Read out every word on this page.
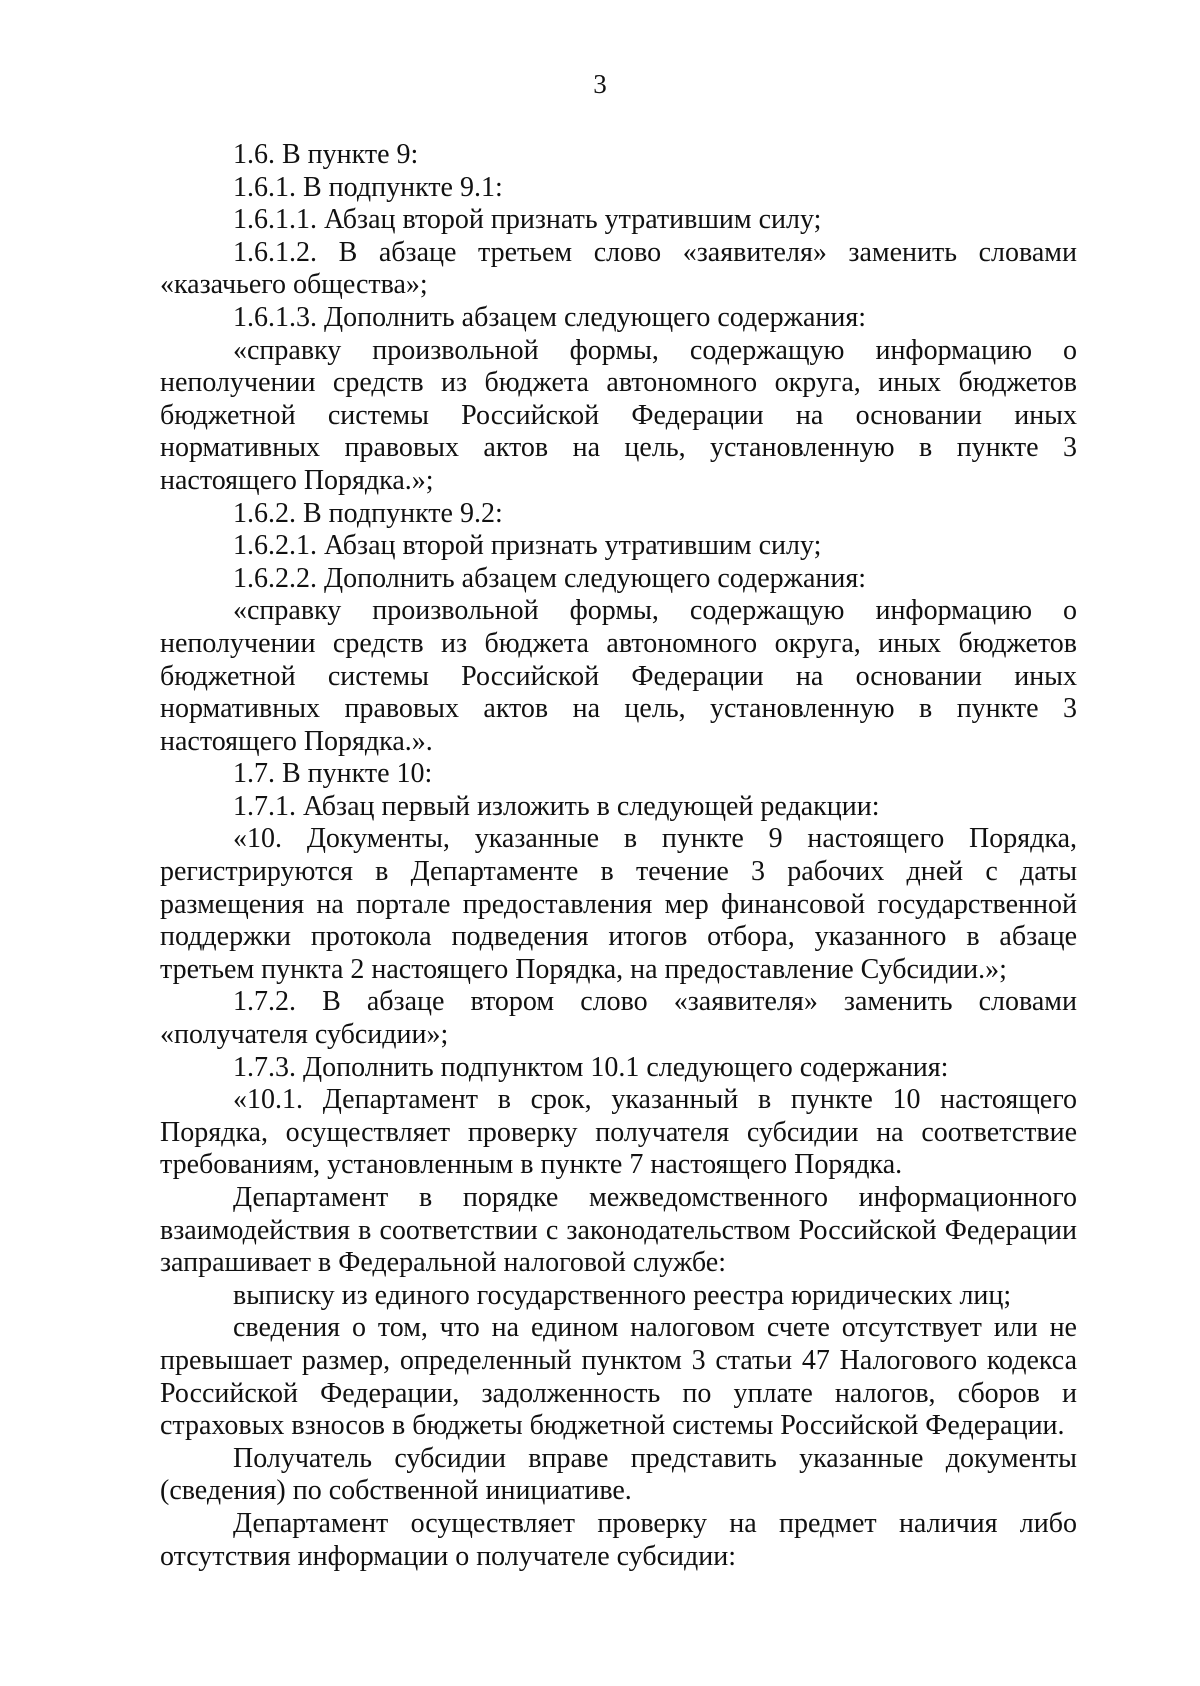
3

1.6. В пункте 9:

1.6.1. В подпункте 9.1:

1.6.1.1. Абзац второй признать утратившим силу;

1.6.1.2. В абзаце третьем слово «заявителя» заменить словами «казачьего общества»;

1.6.1.3. Дополнить абзацем следующего содержания:

«справку произвольной формы, содержащую информацию о неполучении средств из бюджета автономного округа, иных бюджетов бюджетной системы Российской Федерации на основании иных нормативных правовых актов на цель, установленную в пункте 3 настоящего Порядка.»;

1.6.2. В подпункте 9.2:

1.6.2.1. Абзац второй признать утратившим силу;

1.6.2.2. Дополнить абзацем следующего содержания:

«справку произвольной формы, содержащую информацию о неполучении средств из бюджета автономного округа, иных бюджетов бюджетной системы Российской Федерации на основании иных нормативных правовых актов на цель, установленную в пункте 3 настоящего Порядка.».

1.7. В пункте 10:

1.7.1. Абзац первый изложить в следующей редакции:

«10. Документы, указанные в пункте 9 настоящего Порядка, регистрируются в Департаменте в течение 3 рабочих дней с даты размещения на портале предоставления мер финансовой государственной поддержки протокола подведения итогов отбора, указанного в абзаце третьем пункта 2 настоящего Порядка, на предоставление Субсидии.»;

1.7.2. В абзаце втором слово «заявителя» заменить словами «получателя субсидии»;

1.7.3. Дополнить подпунктом 10.1 следующего содержания:

«10.1. Департамент в срок, указанный в пункте 10 настоящего Порядка, осуществляет проверку получателя субсидии на соответствие требованиям, установленным в пункте 7 настоящего Порядка.

Департамент в порядке межведомственного информационного взаимодействия в соответствии с законодательством Российской Федерации запрашивает в Федеральной налоговой службе:

выписку из единого государственного реестра юридических лиц;

сведения о том, что на едином налоговом счете отсутствует или не превышает размер, определенный пунктом 3 статьи 47 Налогового кодекса Российской Федерации, задолженность по уплате налогов, сборов и страховых взносов в бюджеты бюджетной системы Российской Федерации.

Получатель субсидии вправе представить указанные документы (сведения) по собственной инициативе.

Департамент осуществляет проверку на предмет наличия либо отсутствия информации о получателе субсидии:
